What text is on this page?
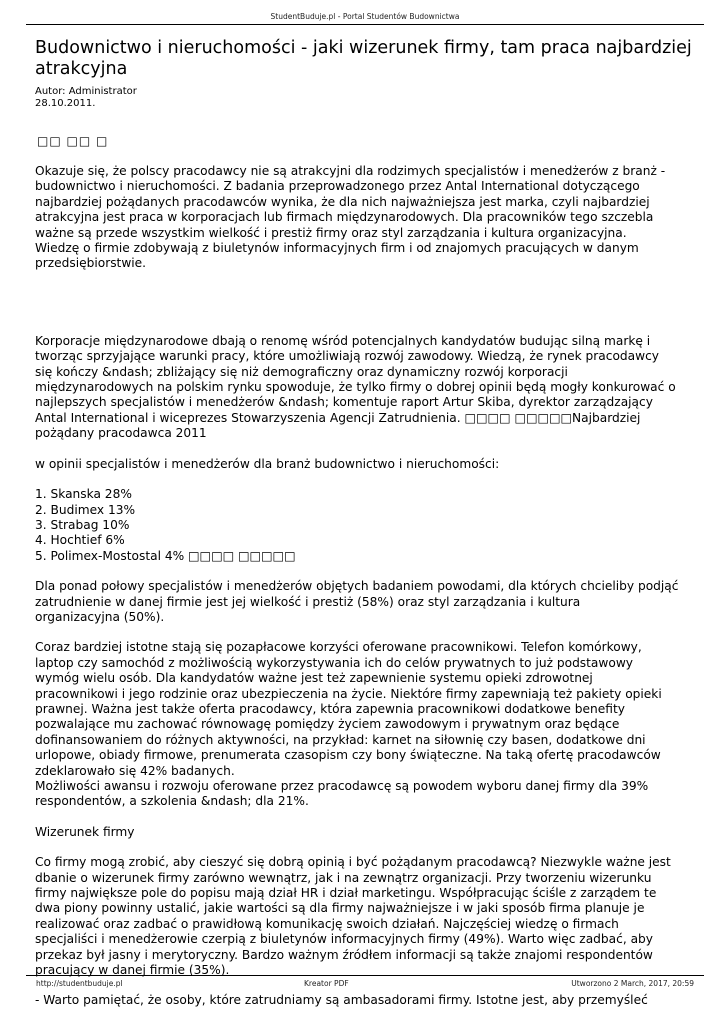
StudentBuduje.pl - Portal Studentów Budownictwa
Budownictwo i nieruchomości - jaki wizerunek firmy, tam praca najbardziej atrakcyjna
Autor: Administrator
28.10.2011.
□□ □□ □

Okazuje się, że polscy pracodawcy nie są atrakcyjni dla rodzimych specjalistów i menedżerów z branż -

budownictwo i nieruchomości. Z badania przeprowadzonego przez Antal International dotyczącego

najbardziej pożądanych pracodawców wynika, że dla nich najważniejsza jest marka, czyli najbardziej

atrakcyjna jest praca w korporacjach lub firmach międzynarodowych. Dla pracowników tego szczebla

ważne są przede wszystkim wielkość i prestiż firmy oraz styl zarządzania i kultura organizacyjna.

Wiedzę o firmie zdobywają z biuletynów informacyjnych firm i od znajomych pracujących w danym

przedsiębiorstwie.

Korporacje międzynarodowe dbają o renomę wśród potencjalnych kandydatów budując silną markę i

tworząc sprzyjające warunki pracy, które umożliwiają rozwój zawodowy. Wiedzą, że rynek pracodawcy

się kończy &ndash; zbliżający się niż demograficzny oraz dynamiczny rozwój korporacji

międzynarodowych na polskim rynku spowoduje, że tylko firmy o dobrej opinii będą mogły konkurować o

najlepszych specjalistów i menedżerów &ndash; komentuje raport Artur Skiba, dyrektor zarządzający

Antal International i wiceprezes Stowarzyszenia Agencji Zatrudnienia. □□□□ □□□□□Najbardziej

pożądany pracodawca 2011

w opinii specjalistów i menedżerów dla branż budownictwo i nieruchomości:

1. Skanska 28%

2. Budimex 13%

3. Strabag 10%

4. Hochtief 6%

5. Polimex-Mostostal 4% □□□□ □□□□□

Dla ponad połowy specjalistów i menedżerów objętych badaniem powodami, dla których chcieliby podjąć

zatrudnienie w danej firmie jest jej wielkość i prestiż (58%) oraz styl zarządzania i kultura

organizacyjna (50%).

Coraz bardziej istotne stają się pozapłacowe korzyści oferowane pracownikowi. Telefon komórkowy,

laptop czy samochód z możliwością wykorzystywania ich do celów prywatnych to już podstawowy

wymóg wielu osób. Dla kandydatów ważne jest też zapewnienie systemu opieki zdrowotnej

pracownikowi i jego rodzinie oraz ubezpieczenia na życie. Niektóre firmy zapewniają też pakiety opieki

prawnej. Ważna jest także oferta pracodawcy, która zapewnia pracownikowi dodatkowe benefity

pozwalające mu zachować równowagę pomiędzy życiem zawodowym i prywatnym oraz będące

dofinansowaniem do różnych aktywności, na przykład: karnet na siłownię czy basen, dodatkowe dni

urlopowe, obiady firmowe, prenumerata czasopism czy bony świąteczne. Na taką ofertę pracodawców

zdeklarowało się 42% badanych.

Możliwości awansu i rozwoju oferowane przez pracodawcę są powodem wyboru danej firmy dla 39%

respondentów, a szkolenia &ndash; dla 21%.

Wizerunek firmy

Co firmy mogą zrobić, aby cieszyć się dobrą opinią i być pożądanym pracodawcą? Niezwykle ważne jest

dbanie o wizerunek firmy zarówno wewnątrz, jak i na zewnątrz organizacji. Przy tworzeniu wizerunku

firmy największe pole do popisu mają dział HR i dział marketingu. Współpracując ściśle z zarządem te

dwa piony powinny ustalić, jakie wartości są dla firmy najważniejsze i w jaki sposób firma planuje je

realizować oraz zadbać o prawidłową komunikację swoich działań. Najczęściej wiedzę o firmach

specjaliści i menedżerowie czerpią z biuletynów informacyjnych firmy (49%). Warto więc zadbać, aby

przekaz był jasny i merytoryczny. Bardzo ważnym źródłem informacji są także znajomi respondentów

pracujący w danej firmie (35%).

- Warto pamiętać, że osoby, które zatrudniamy są ambasadorami firmy. Istotne jest, aby przemyśleć

http://studentbuduje.pl	Kreator PDF	Utworzono 2 March, 2017, 20:59
